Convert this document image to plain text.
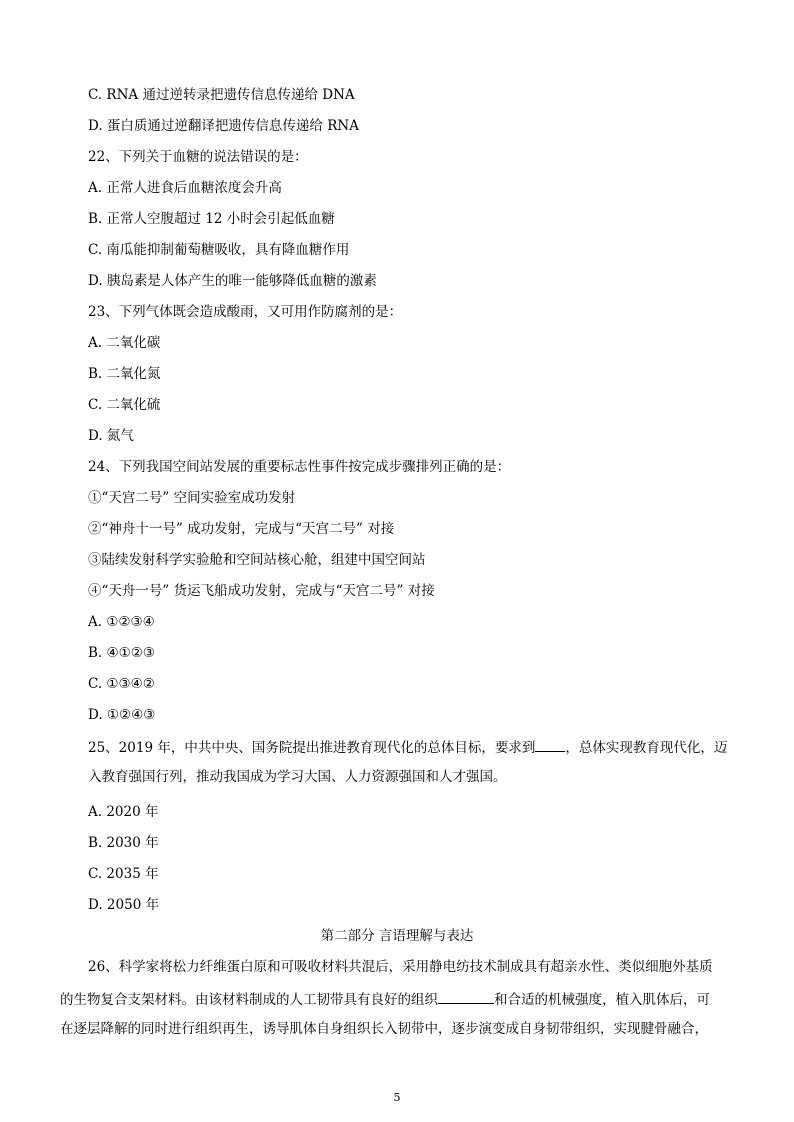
C. RNA 通过逆转录把遗传信息传递给 DNA
D. 蛋白质通过逆翻译把遗传信息传递给 RNA
22、下列关于血糖的说法错误的是：
A. 正常人进食后血糖浓度会升高
B. 正常人空腹超过 12 小时会引起低血糖
C. 南瓜能抑制葡萄糖吸收，具有降血糖作用
D. 胰岛素是人体产生的唯一能够降低血糖的激素
23、下列气体既会造成酸雨，又可用作防腐剂的是：
A. 二氧化碳
B. 二氧化氮
C. 二氧化硫
D. 氮气
24、下列我国空间站发展的重要标志性事件按完成步骤排列正确的是：
①“天宫二号” 空间实验室成功发射
②“神舟十一号” 成功发射，完成与“天宫二号” 对接
③陆续发射科学实验舱和空间站核心舱，组建中国空间站
④“天舟一号” 货运飞船成功发射，完成与“天宫二号” 对接
A. ①②③④
B. ④①②③
C. ①③④②
D. ①②④③
25、2019 年，中共中央、国务院提出推进教育现代化的总体目标，要求到 ，总体实现教育现代化，迈
入教育强国行列，推动我国成为学习大国、人力资源强国和人才强国。
A. 2020 年
B. 2030 年
C. 2035 年
D. 2050 年
第二部分 言语理解与表达
26、科学家将松力纤维蛋白原和可吸收材料共混后，采用静电纺技术制成具有超亲水性、类似细胞外基质
的生物复合支架材料。由该材料制成的人工韧带具有良好的组织	和合适的机械强度，植入肌体后，可
在逐层降解的同时进行组织再生，诱导肌体自身组织长入韧带中，逐步演变成自身韧带组织，实现腱骨融合，
5
